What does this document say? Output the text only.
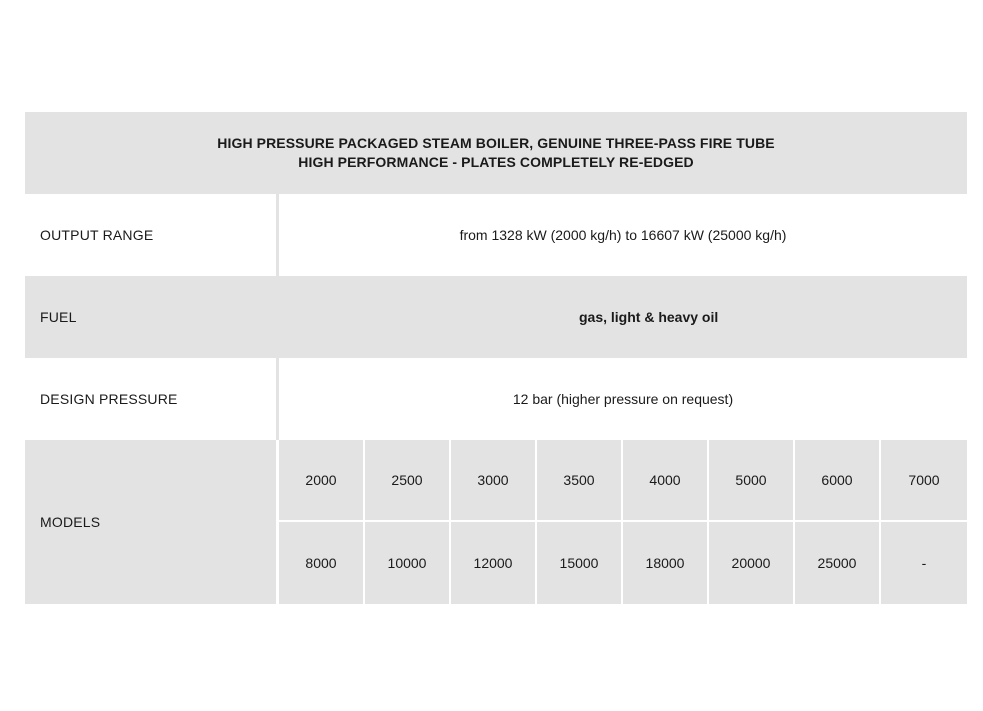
HIGH PRESSURE PACKAGED STEAM BOILER, GENUINE THREE-PASS FIRE TUBE
HIGH PERFORMANCE - PLATES COMPLETELY RE-EDGED
OUTPUT RANGE	from 1328 kW (2000 kg/h) to 16607 kW (25000 kg/h)
FUEL	gas, light & heavy oil
DESIGN PRESSURE	12 bar (higher pressure on request)
MODELS
2000	2500	3000	3500	4000	5000	6000	7000
8000	10000	12000	15000	18000	20000	25000	-
